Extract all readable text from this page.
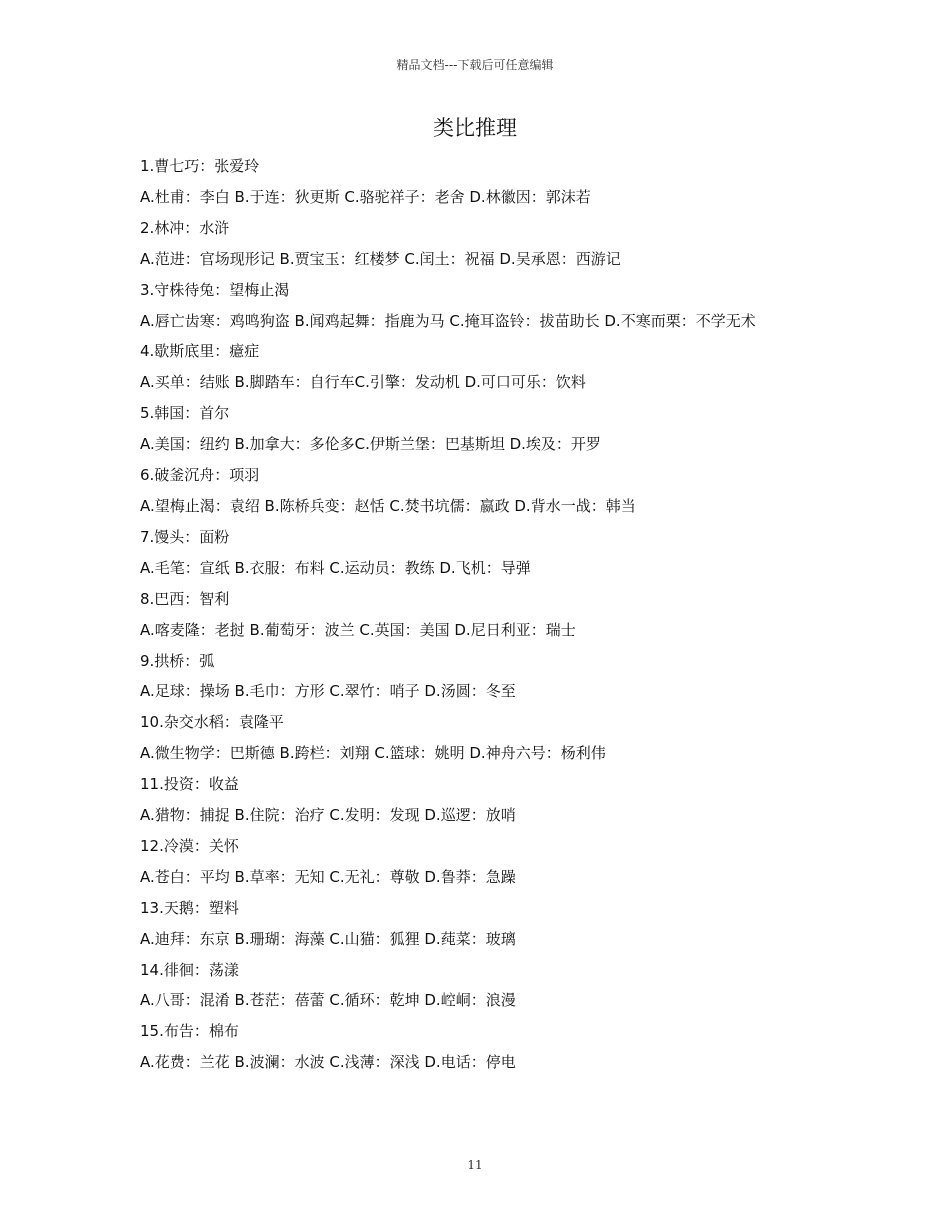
精品文档---下载后可任意编辑
类比推理
1.曹七巧：张爱玲
A.杜甫：李白 B.于连：狄更斯 C.骆驼祥子：老舍 D.林徽因：郭沫若
2.林冲：水浒
A.范进：官场现形记 B.贾宝玉：红楼梦 C.闰土：祝福 D.吴承恩：西游记
3.守株待兔：望梅止渴
A.唇亡齿寒：鸡鸣狗盗 B.闻鸡起舞：指鹿为马 C.掩耳盗铃：拔苗助长 D.不寒而栗：不学无术
4.歇斯底里：癔症
A.买单：结账 B.脚踏车：自行车C.引擎：发动机 D.可口可乐：饮料
5.韩国：首尔
A.美国：纽约 B.加拿大：多伦多C.伊斯兰堡：巴基斯坦 D.埃及：开罗
6.破釜沉舟：项羽
A.望梅止渴：袁绍 B.陈桥兵变：赵恬 C.焚书坑儒：嬴政 D.背水一战：韩当
7.馒头：面粉
A.毛笔：宣纸 B.衣服：布料 C.运动员：教练 D.飞机：导弹
8.巴西：智利
A.喀麦隆：老挝 B.葡萄牙：波兰 C.英国：美国 D.尼日利亚：瑞士
9.拱桥：弧
A.足球：操场 B.毛巾：方形 C.翠竹：哨子 D.汤圆：冬至
10.杂交水稻：袁隆平
A.微生物学：巴斯德 B.跨栏：刘翔 C.篮球：姚明 D.神舟六号：杨利伟
11.投资：收益
A.猎物：捕捉 B.住院：治疗 C.发明：发现 D.巡逻：放哨
12.冷漠：关怀
A.苍白：平均 B.草率：无知 C.无礼：尊敬 D.鲁莽：急躁
13.天鹅：塑料
A.迪拜：东京 B.珊瑚：海藻 C.山猫：狐狸 D.莼菜：玻璃
14.徘徊：荡漾
A.八哥：混淆 B.苍茫：蓓蕾 C.循环：乾坤 D.崆峒：浪漫
15.布告：棉布
A.花费：兰花 B.波澜：水波 C.浅薄：深浅 D.电话：停电
11
